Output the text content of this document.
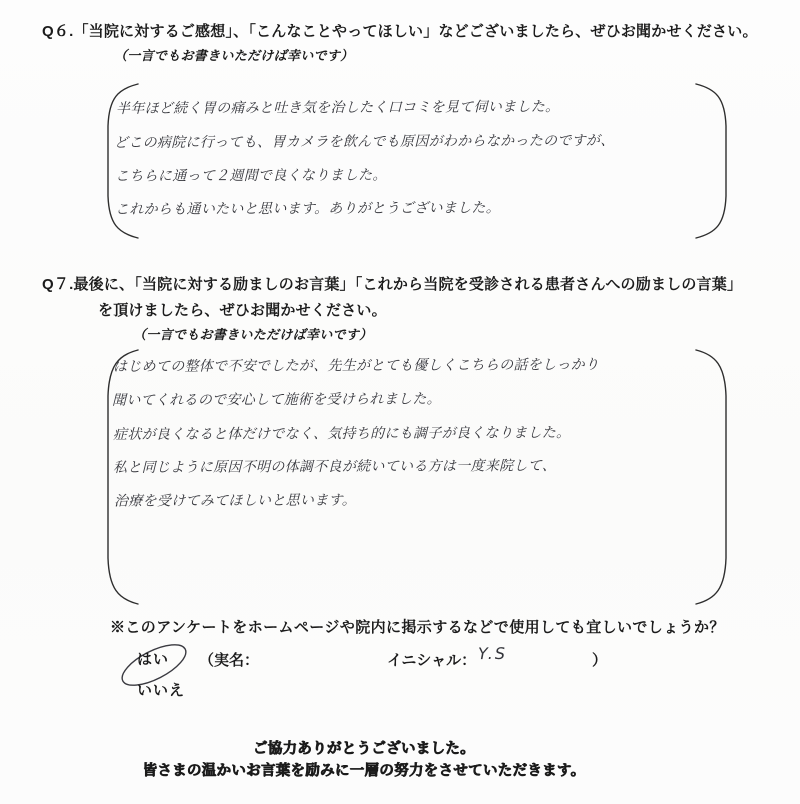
Q６.「当院に対するご感想」、「こんなことやってほしい」などございましたら、ぜひお聞かせください。
（一言でもお書きいただけば幸いです）
半年ほど続く胃の痛みと吐き気を治したく口コミを見て伺いました。
どこの病院に行っても、胃カメラを飲んでも原因がわからなかったのですが、
こちらに通って２週間で良くなりました。
これからも通いたいと思います。ありがとうございました。
Q７.最後に、「当院に対する励ましのお言葉」「これから当院を受診される患者さんへの励ましの言葉」
を頂けましたら、ぜひお聞かせください。
（一言でもお書きいただけば幸いです）
はじめての整体で不安でしたが、先生がとても優しくこちらの話をしっかり
聞いてくれるので安心して施術を受けられました。
症状が良くなると体だけでなく、気持ち的にも調子が良くなりました。
私と同じように原因不明の体調不良が続いている方は一度来院して、
治療を受けてみてほしいと思います。
※このアンケートをホームページや院内に掲示するなどで使用しても宜しいでしょうか？
はい
いいえ
（実名：	イニシャル： Y.S	）
ご協力ありがとうございました。
皆さまの温かいお言葉を励みに一層の努力をさせていただきます。
